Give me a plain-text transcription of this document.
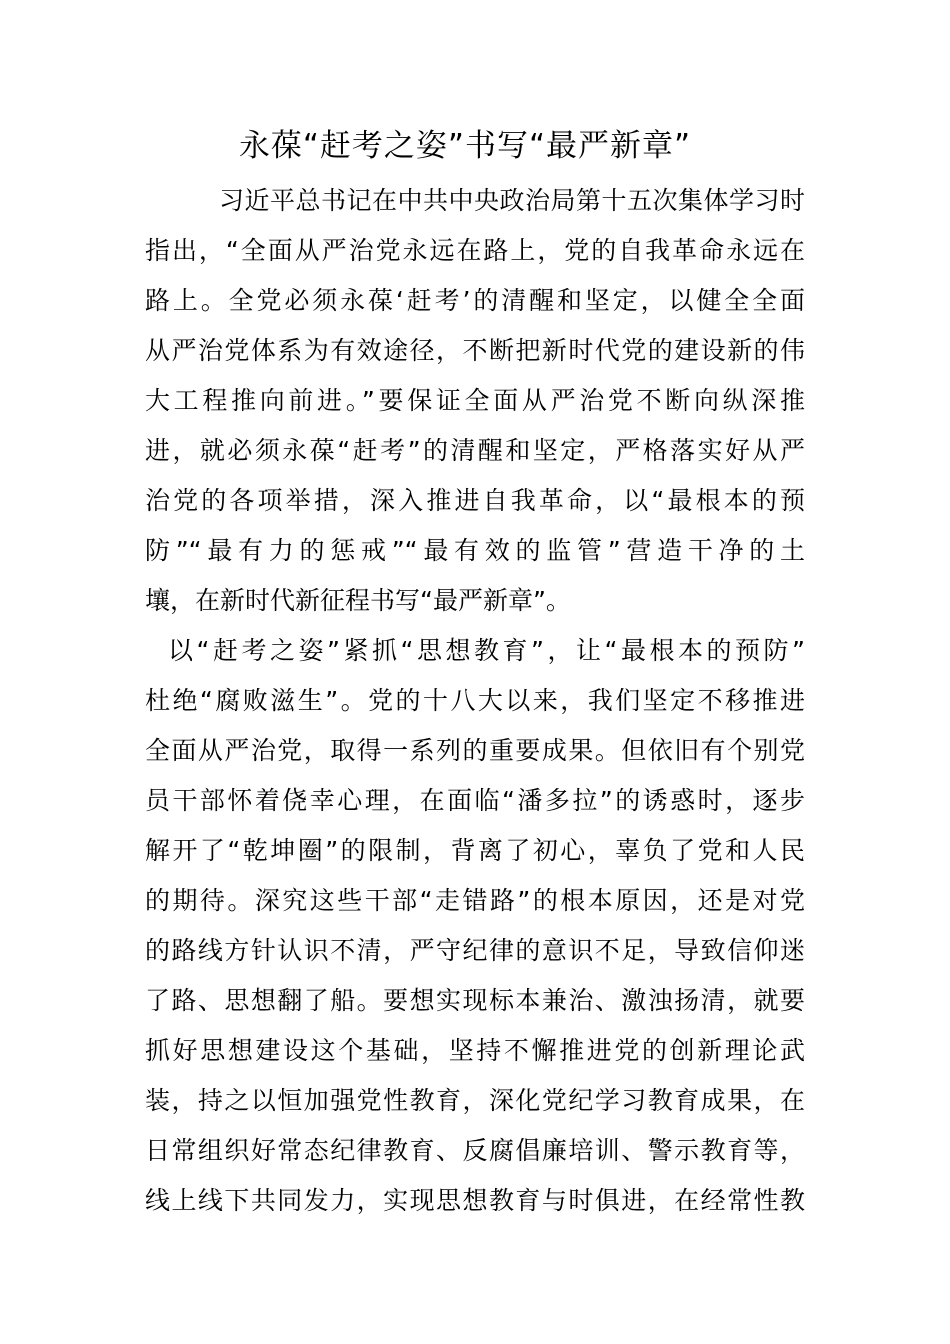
永葆“赶考之姿”书写“最严新章”
习近平总书记在中共中央政治局第十五次集体学习时
指出，“全面从严治党永远在路上，党的自我革命永远在
路上。全党必须永葆‘赶考’的清醒和坚定，以健全全面
从严治党体系为有效途径，不断把新时代党的建设新的伟
大工程推向前进。”要保证全面从严治党不断向纵深推
进，就必须永葆“赶考”的清醒和坚定，严格落实好从严
治党的各项举措，深入推进自我革命，以“最根本的预
防”“最有力的惩戒”“最有效的监管”营造干净的土
壤，在新时代新征程书写“最严新章”。
以“赶考之姿”紧抓“思想教育”，让“最根本的预防”
杜绝“腐败滋生”。党的十八大以来，我们坚定不移推进
全面从严治党，取得一系列的重要成果。但依旧有个别党
员干部怀着侥幸心理，在面临“潘多拉”的诱惑时，逐步
解开了“乾坤圈”的限制，背离了初心，辜负了党和人民
的期待。深究这些干部“走错路”的根本原因，还是对党
的路线方针认识不清，严守纪律的意识不足，导致信仰迷
了路、思想翻了船。要想实现标本兼治、激浊扬清，就要
抓好思想建设这个基础，坚持不懈推进党的创新理论武
装，持之以恒加强党性教育，深化党纪学习教育成果，在
日常组织好常态纪律教育、反腐倡廉培训、警示教育等，
线上线下共同发力，实现思想教育与时俱进，在经常性教
